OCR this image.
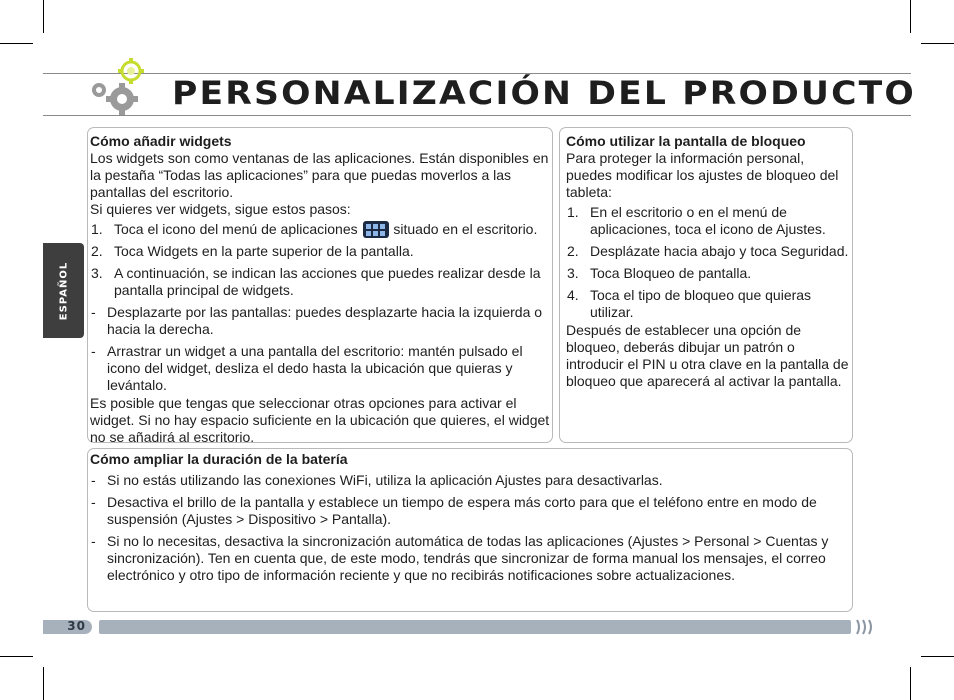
PERSONALIZACIÓN DEL PRODUCTO
ESPAÑOL

Cómo añadir widgets

Los widgets son como ventanas de las aplicaciones. Están disponibles en la pestaña “Todas las aplicaciones” para que puedas moverlos a las pantallas del escritorio.

Si quieres ver widgets, sigue estos pasos:

1. Toca el icono del menú de aplicaciones	situado en el escritorio.
2. Toca Widgets en la parte superior de la pantalla.
3. A continuación, se indican las acciones que puedes realizar desde la pantalla principal de widgets.
- Desplazarte por las pantallas: puedes desplazarte hacia la izquierda o hacia la derecha.
- Arrastrar un widget a una pantalla del escritorio: mantén pulsado el icono del widget, desliza el dedo hasta la ubicación que quieras y levántalo.

Es posible que tengas que seleccionar otras opciones para activar el widget. Si no hay espacio suficiente en la ubicación que quieres, el widget no se añadirá al escritorio.

Cómo utilizar la pantalla de bloqueo

Para proteger la información personal, puedes modificar los ajustes de bloqueo del tableta:

1. En el escritorio o en el menú de aplicaciones, toca el icono de Ajustes.
2. Desplázate hacia abajo y toca Seguridad.
3. Toca Bloqueo de pantalla.
4. Toca el tipo de bloqueo que quieras utilizar.

Después de establecer una opción de bloqueo, deberás dibujar un patrón o introducir el PIN u otra clave en la pantalla de bloqueo que aparecerá al activar la pantalla.

Cómo ampliar la duración de la batería

- Si no estás utilizando las conexiones WiFi, utiliza la aplicación Ajustes para desactivarlas.
- Desactiva el brillo de la pantalla y establece un tiempo de espera más corto para que el teléfono entre en modo de suspensión (Ajustes > Dispositivo > Pantalla).
- Si no lo necesitas, desactiva la sincronización automática de todas las aplicaciones (Ajustes > Personal > Cuentas y sincronización). Ten en cuenta que, de este modo, tendrás que sincronizar de forma manual los mensajes, el correo electrónico y otro tipo de información reciente y que no recibirás notificaciones sobre actualizaciones.
30
